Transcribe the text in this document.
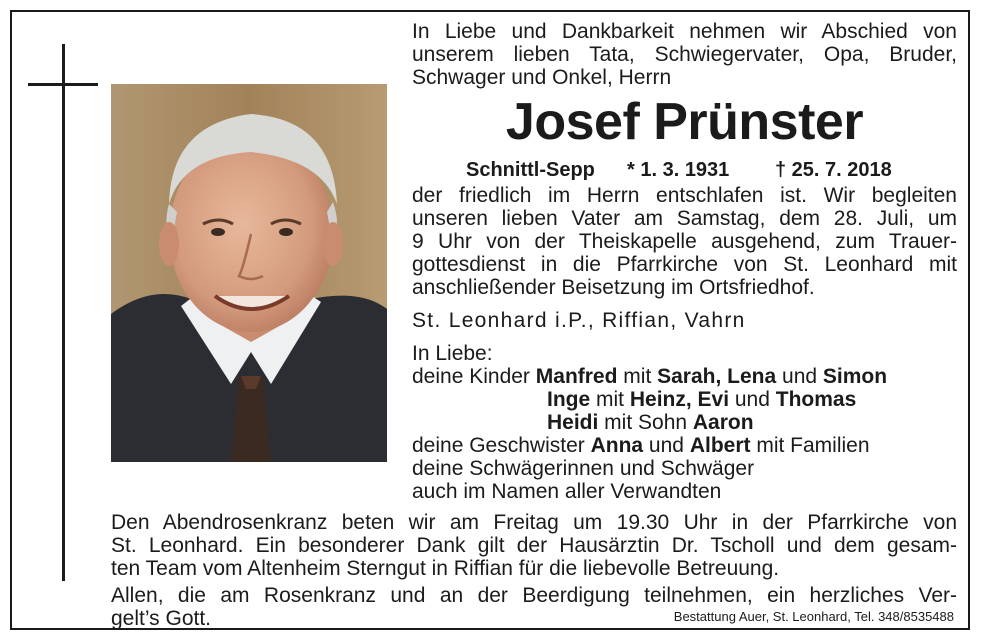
In Liebe und Dankbarkeit nehmen wir Abschied von
unserem lieben Tata, Schwiegervater, Opa, Bruder,
Schwager und Onkel, Herrn
Josef Prünster
Schnittl-Sepp * 1. 3. 1931 † 25. 7. 2018
der friedlich im Herrn entschlafen ist. Wir begleiten
unseren lieben Vater am Samstag, dem 28. Juli, um
9 Uhr von der Theiskapelle ausgehend, zum Trauer-
gottesdienst in die Pfarrkirche von St. Leonhard mit
anschließender Beisetzung im Ortsfriedhof.
St. Leonhard i.P., Riffian, Vahrn
In Liebe:
deine Kinder Manfred mit Sarah, Lena und Simon
Inge mit Heinz, Evi und Thomas
Heidi mit Sohn Aaron
deine Geschwister Anna und Albert mit Familien
deine Schwägerinnen und Schwäger
auch im Namen aller Verwandten
Den Abendrosenkranz beten wir am Freitag um 19.30 Uhr in der Pfarrkirche von
St. Leonhard. Ein besonderer Dank gilt der Hausärztin Dr. Tscholl und dem gesam-
ten Team vom Altenheim Sterngut in Riffian für die liebevolle Betreuung.
Allen, die am Rosenkranz und an der Beerdigung teilnehmen, ein herzliches Ver-
gelt’s Gott.	Bestattung Auer, St. Leonhard, Tel. 348/8535488
